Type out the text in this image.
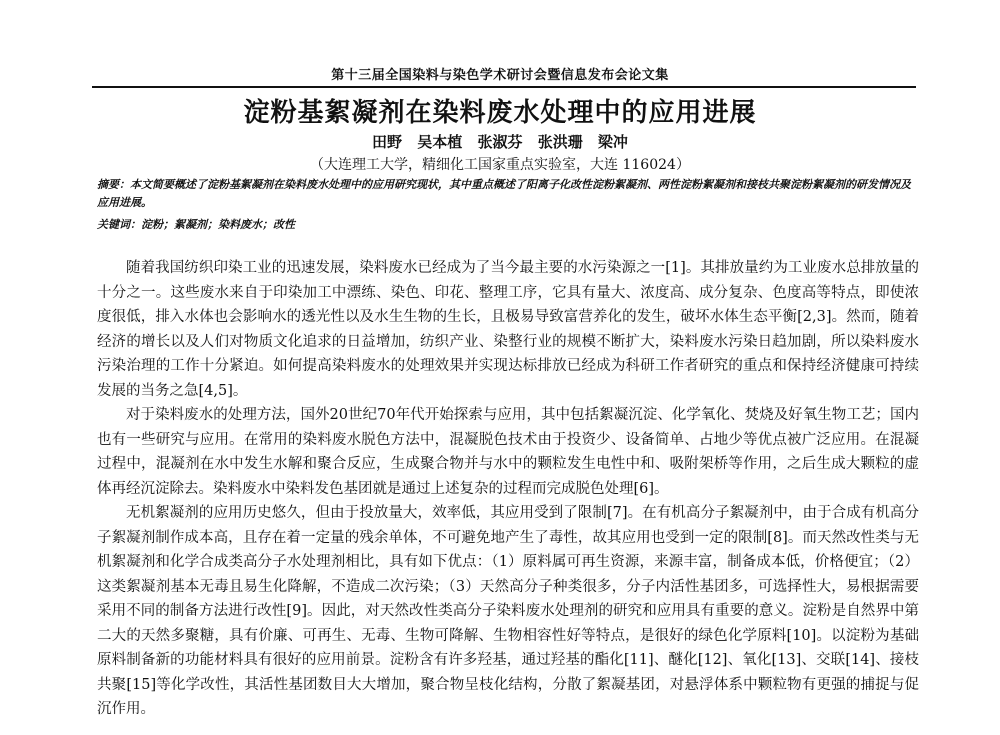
第十三届全国染料与染色学术研讨会暨信息发布会论文集
淀粉基絮凝剂在染料废水处理中的应用进展
田野 吴本植 张淑芬 张洪珊 梁冲
（大连理工大学，精细化工国家重点实验室，大连 116024）

摘要：本文简要概述了淀粉基絮凝剂在染料废水处理中的应用研究现状，其中重点概述了阳离子化改性淀粉絮凝剂、两性淀粉絮凝剂和接枝共聚淀粉絮凝剂的研发情况及应用进展。

关键词：淀粉；絮凝剂；染料废水；改性

随着我国纺织印染工业的迅速发展，染料废水已经成为了当今最主要的水污染源之一[1]。其排放量约为工业废水总排放量的十分之一。这些废水来自于印染加工中漂练、染色、印花、整理工序，它具有量大、浓度高、成分复杂、色度高等特点，即使浓度很低，排入水体也会影响水的透光性以及水生生物的生长，且极易导致富营养化的发生，破坏水体生态平衡[2,3]。然而，随着经济的增长以及人们对物质文化追求的日益增加，纺织产业、染整行业的规模不断扩大，染料废水污染日趋加剧，所以染料废水污染治理的工作十分紧迫。如何提高染料废水的处理效果并实现达标排放已经成为科研工作者研究的重点和保持经济健康可持续发展的当务之急[4,5]。

对于染料废水的处理方法，国外20世纪70年代开始探索与应用，其中包括絮凝沉淀、化学氧化、焚烧及好氧生物工艺；国内也有一些研究与应用。在常用的染料废水脱色方法中，混凝脱色技术由于投资少、设备简单、占地少等优点被广泛应用。在混凝过程中，混凝剂在水中发生水解和聚合反应，生成聚合物并与水中的颗粒发生电性中和、吸附架桥等作用，之后生成大颗粒的虚体再经沉淀除去。染料废水中染料发色基团就是通过上述复杂的过程而完成脱色处理[6]。

无机絮凝剂的应用历史悠久，但由于投放量大，效率低，其应用受到了限制[7]。在有机高分子絮凝剂中，由于合成有机高分子絮凝剂制作成本高，且存在着一定量的残余单体，不可避免地产生了毒性，故其应用也受到一定的限制[8]。而天然改性类与无机絮凝剂和化学合成类高分子水处理剂相比，具有如下优点：（1）原料属可再生资源，来源丰富，制备成本低，价格便宜；（2）这类絮凝剂基本无毒且易生化降解，不造成二次污染；（3）天然高分子种类很多，分子内活性基团多，可选择性大，易根据需要采用不同的制备方法进行改性[9]。因此，对天然改性类高分子染料废水处理剂的研究和应用具有重要的意义。淀粉是自然界中第二大的天然多聚糖，具有价廉、可再生、无毒、生物可降解、生物相容性好等特点，是很好的绿色化学原料[10]。以淀粉为基础原料制备新的功能材料具有很好的应用前景。淀粉含有许多羟基，通过羟基的酯化[11]、醚化[12]、氧化[13]、交联[14]、接枝共聚[15]等化学改性，其活性基团数目大大增加，聚合物呈枝化结构，分散了絮凝基团，对悬浮体系中颗粒物有更强的捕捉与促沉作用。
